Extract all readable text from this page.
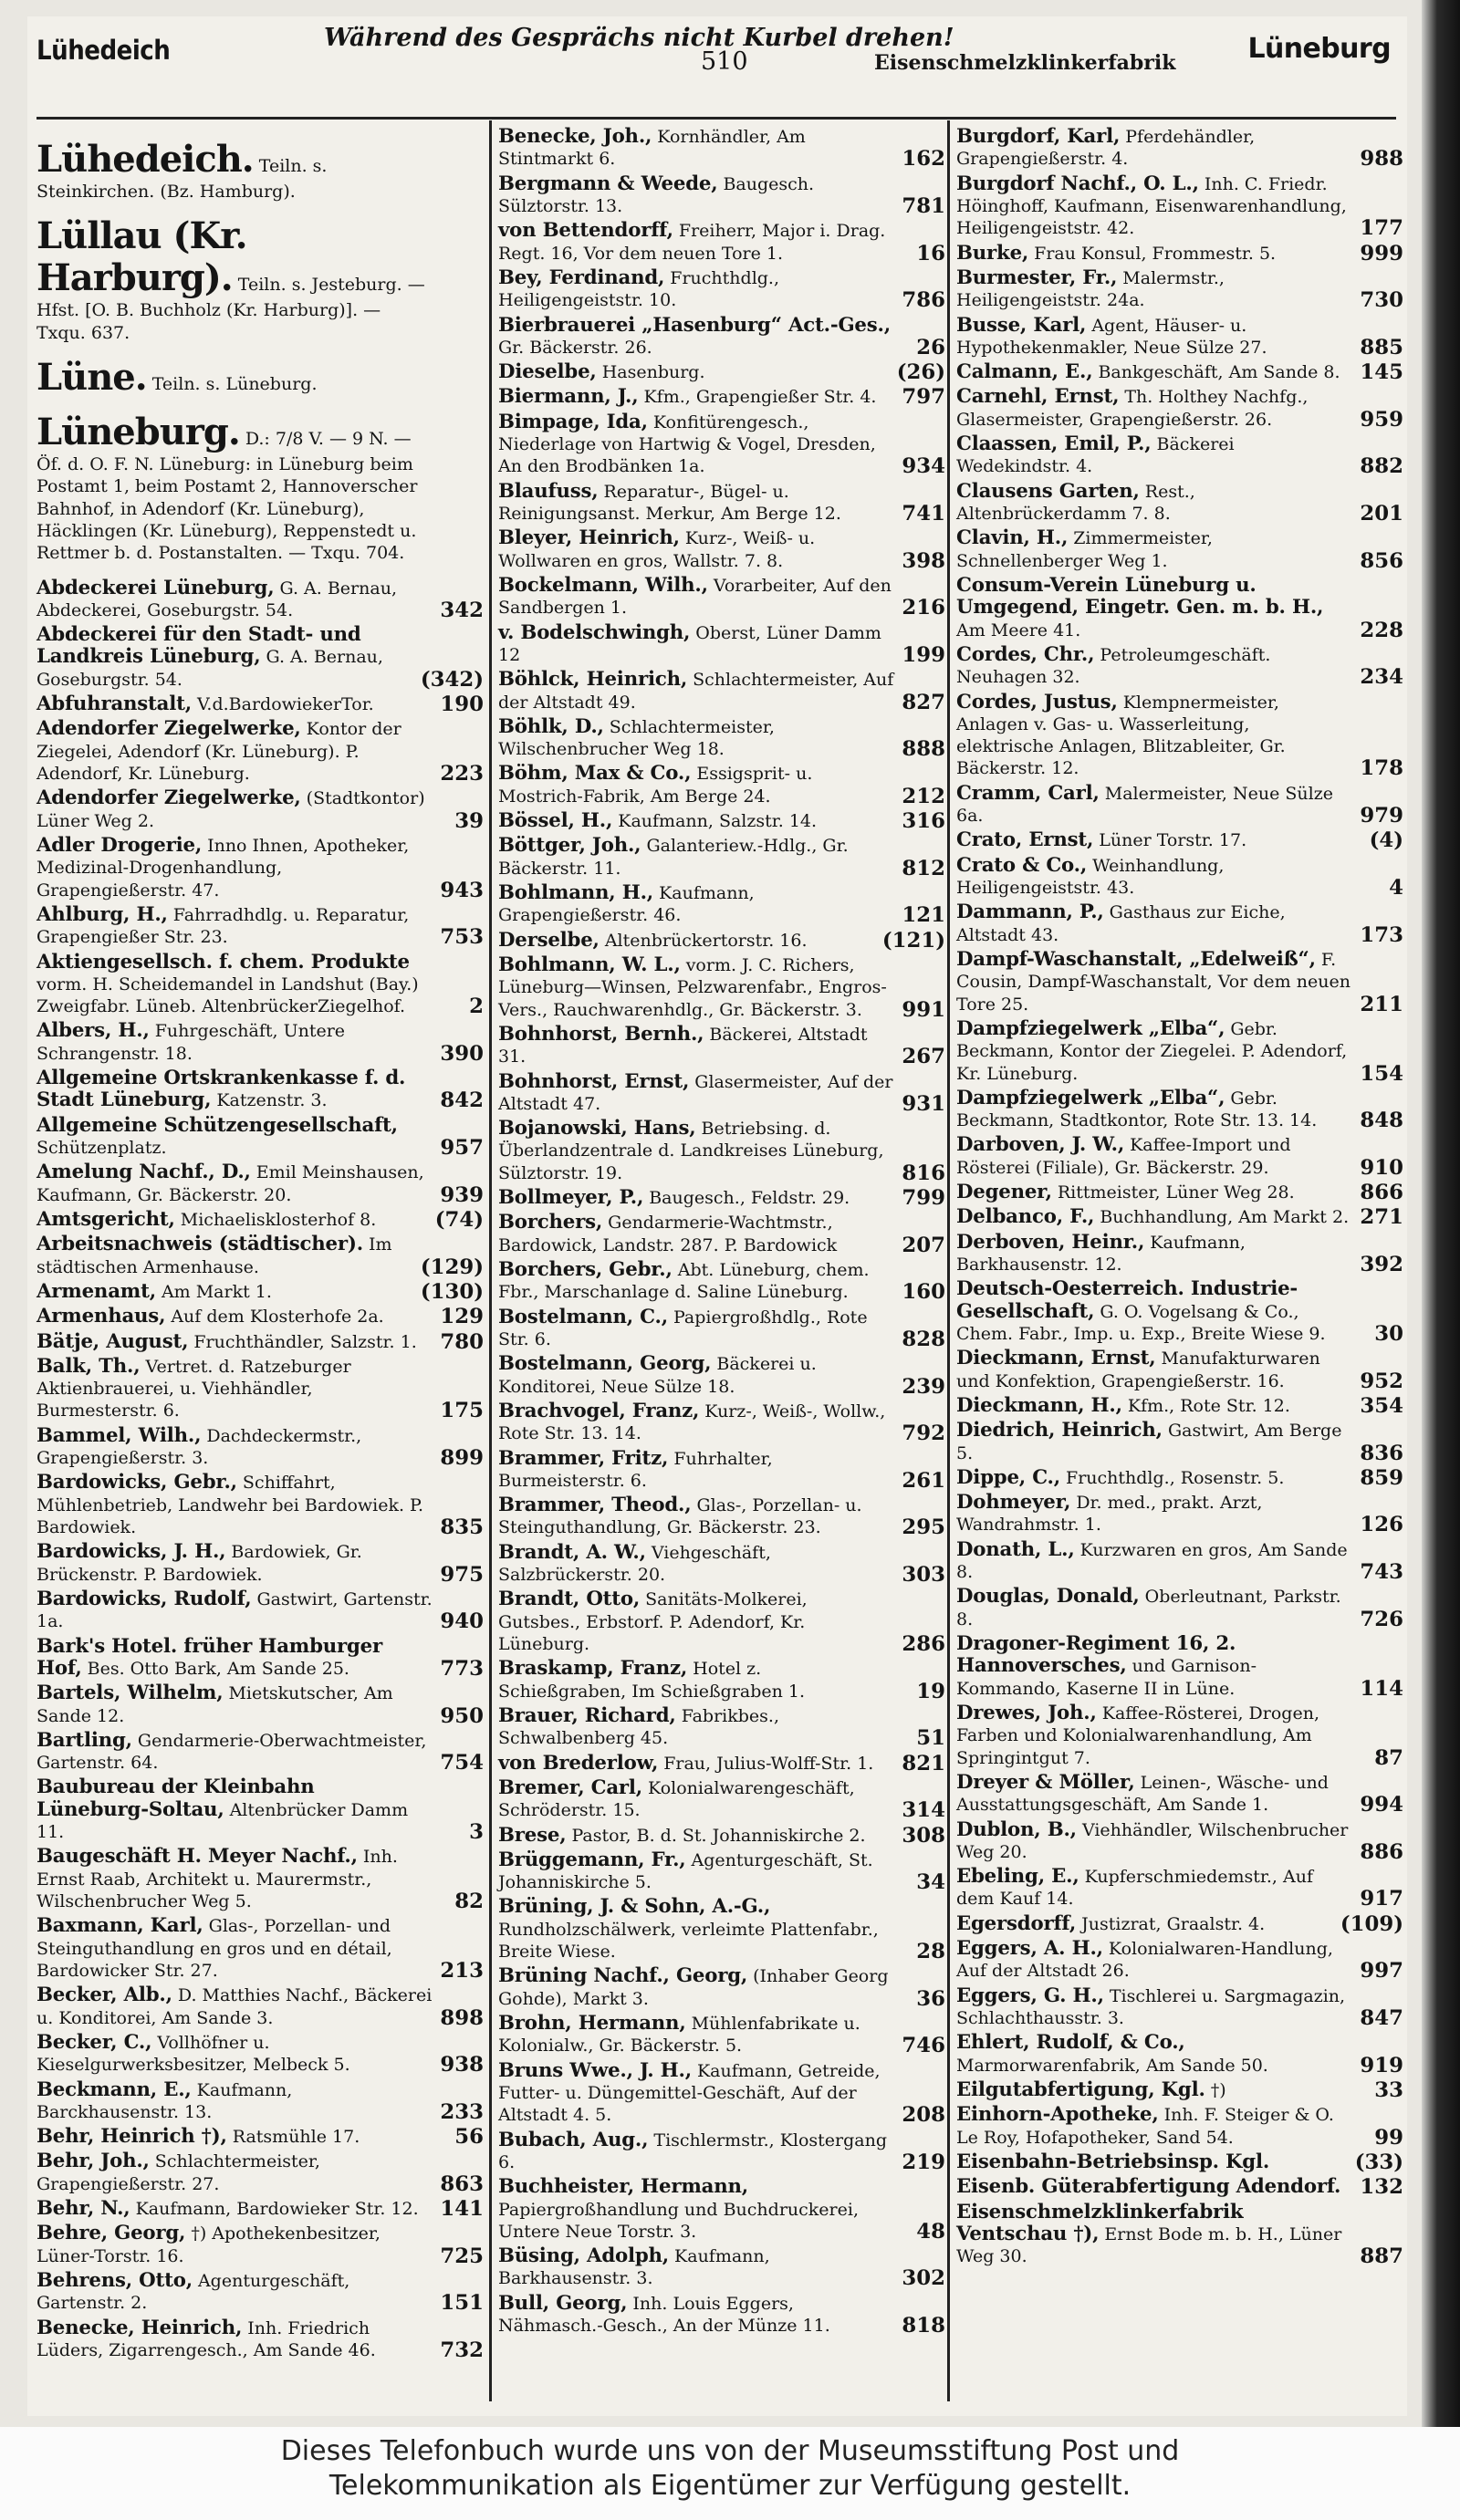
Lühedeich	Während des Gesprächs nicht Kurbel drehen!
510	Eisenschmelzklinkerfabrik	Lüneburg
Lühedeich. Teiln. s. Steinkirchen. (Bz. Hamburg).
Lüllau (Kr. Harburg). Teiln. s. Jesteburg. — Hfst. [O. B. Buchholz (Kr. Harburg)]. — Txqu. 637.
Lüne. Teiln. s. Lüneburg.
Lüneburg. D.: 7/8 V. — 9 N. — Öf. d. O. F. N. Lüneburg: in Lüneburg beim Postamt 1, beim Postamt 2, Hannoverscher Bahnhof, in Adendorf (Kr. Lüneburg), Häcklingen (Kr. Lüneburg), Reppenstedt u. Rettmer b. d. Postanstalten. — Txqu. 704.
Abdeckerei Lüneburg, G. A. Bernau, Abdeckerei, Goseburgstr. 54.	342
Abdeckerei für den Stadt- und Landkreis Lüneburg, G. A. Bernau, Goseburgstr. 54.	(342)
Abfuhranstalt, V.d.BardowiekerTor.	190
Adendorfer Ziegelwerke, Kontor der Ziegelei, Adendorf (Kr. Lüneburg). P. Adendorf, Kr. Lüneburg.	223
Adendorfer Ziegelwerke, (Stadtkontor) Lüner Weg 2.	39
Adler Drogerie, Inno Ihnen, Apotheker, Medizinal-Drogenhandlung, Grapengießerstr. 47.	943
Ahlburg, H., Fahrradhdlg. u. Reparatur, Grapengießer Str. 23.	753
Aktiengesellsch. f. chem. Produkte vorm. H. Scheidemandel in Landshut (Bay.) Zweigfabr. Lüneb. AltenbrückerZiegelhof.	2
Albers, H., Fuhrgeschäft, Untere Schrangenstr. 18.	390
Allgemeine Ortskrankenkasse f. d. Stadt Lüneburg, Katzenstr. 3.	842
Allgemeine Schützengesellschaft, Schützenplatz.	957
Amelung Nachf., D., Emil Meinshausen, Kaufmann, Gr. Bäckerstr. 20.	939
Amtsgericht, Michaelisklosterhof 8.	(74)
Arbeitsnachweis (städtischer). Im städtischen Armenhause.	(129)
Armenamt, Am Markt 1.	(130)
Armenhaus, Auf dem Klosterhofe 2a.	129
Bätje, August, Fruchthändler, Salzstr. 1. 780
Balk, Th., Vertret. d. Ratzeburger Aktienbrauerei, u. Viehhändler, Burmesterstr. 6.	175
Bammel, Wilh., Dachdeckermstr., Grapengießerstr. 3.	899
Bardowicks, Gebr., Schiffahrt, Mühlenbetrieb, Landwehr bei Bardowiek. P. Bardowiek.	835
Bardowicks, J. H., Bardowiek, Gr. Brückenstr. P. Bardowiek.	975
Bardowicks, Rudolf, Gastwirt, Gartenstr. 1a.	940
Bark's Hotel. früher Hamburger Hof, Bes. Otto Bark, Am Sande 25.	773
Bartels, Wilhelm, Mietskutscher, Am Sande 12.	950
Bartling, Gendarmerie-Oberwachtmeister, Gartenstr. 64.	754
Baubureau der Kleinbahn Lüneburg-Soltau, Altenbrücker Damm 11.	3
Baugeschäft H. Meyer Nachf., Inh. Ernst Raab, Architekt u. Maurermstr., Wilschenbrucher Weg 5.	82
Baxmann, Karl, Glas-, Porzellan- und Steinguthandlung en gros und en détail, Bardowicker Str. 27.	213
Becker, Alb., D. Matthies Nachf., Bäckerei u. Konditorei, Am Sande 3.	898
Becker, C., Vollhöfner u. Kieselgurwerksbesitzer, Melbeck 5.	938
Beckmann, E., Kaufmann, Barckhausenstr. 13.	233
Behr, Heinrich †), Ratsmühle 17.	56
Behr, Joh., Schlachtermeister, Grapengießerstr. 27.	863
Behr, N., Kaufmann, Bardowieker Str. 12. 141
Behre, Georg, †) Apothekenbesitzer, Lüner-Torstr. 16.	725
Behrens, Otto, Agenturgeschäft, Gartenstr. 2.	151
Benecke, Heinrich, Inh. Friedrich Lüders, Zigarrengesch., Am Sande 46.	732
Benecke, Joh., Kornhändler, Am Stintmarkt 6.	162
Bergmann & Weede, Baugesch. Sülztorstr. 13.	781
von Bettendorff, Freiherr, Major i. Drag. Regt. 16, Vor dem neuen Tore 1.	16
Bey, Ferdinand, Fruchthdlg., Heiligengeiststr. 10.	786
Bierbrauerei „Hasenburg“ Act.-Ges., Gr. Bäckerstr. 26.	26
Dieselbe, Hasenburg.	(26)
Biermann, J., Kfm., Grapengießer Str. 4. 797
Bimpage, Ida, Konfitürengesch., Niederlage von Hartwig & Vogel, Dresden, An den Brodbänken 1a.	934
Blaufuss, Reparatur-, Bügel- u. Reinigungsanst. Merkur, Am Berge 12.	741
Bleyer, Heinrich, Kurz-, Weiß- u. Wollwaren en gros, Wallstr. 7. 8.	398
Bockelmann, Wilh., Vorarbeiter, Auf den Sandbergen 1.	216
v. Bodelschwingh, Oberst, Lüner Damm 12	199
Böhlck, Heinrich, Schlachtermeister, Auf der Altstadt 49.	827
Böhlk, D., Schlachtermeister, Wilschenbrucher Weg 18.	888
Böhm, Max & Co., Essigsprit- u. Mostrich-Fabrik, Am Berge 24.	212
Bössel, H., Kaufmann, Salzstr. 14.	316
Böttger, Joh., Galanteriew.-Hdlg., Gr. Bäckerstr. 11.	812
Bohlmann, H., Kaufmann, Grapengießerstr. 46.	121
Derselbe, Altenbrückertorstr. 16.	(121)
Bohlmann, W. L., vorm. J. C. Richers, Lüneburg—Winsen, Pelzwarenfabr., Engros-Vers., Rauchwarenhdlg., Gr. Bäckerstr. 3. 991
Bohnhorst, Bernh., Bäckerei, Altstadt 31.	267
Bohnhorst, Ernst, Glasermeister, Auf der Altstadt 47.	931
Bojanowski, Hans, Betriebsing. d. Überlandzentrale d. Landkreises Lüneburg, Sülztorstr. 19.	816
Bollmeyer, P., Baugesch., Feldstr. 29.	799
Borchers, Gendarmerie-Wachtmstr., Bardowick, Landstr. 287. P. Bardowick	207
Borchers, Gebr., Abt. Lüneburg, chem. Fbr., Marschanlage d. Saline Lüneburg.	160
Bostelmann, C., Papiergroßhdlg., Rote Str. 6.	828
Bostelmann, Georg, Bäckerei u. Konditorei, Neue Sülze 18.	239
Brachvogel, Franz, Kurz-, Weiß-, Wollw., Rote Str. 13. 14.	792
Brammer, Fritz, Fuhrhalter, Burmeisterstr. 6.	261
Brammer, Theod., Glas-, Porzellan- u. Steinguthandlung, Gr. Bäckerstr. 23.	295
Brandt, A. W., Viehgeschäft, Salzbrückerstr. 20.	303
Brandt, Otto, Sanitäts-Molkerei, Gutsbes., Erbstorf. P. Adendorf, Kr. Lüneburg.	286
Braskamp, Franz, Hotel z. Schießgraben, Im Schießgraben 1.	19
Brauer, Richard, Fabrikbes., Schwalbenberg 45.	51
von Brederlow, Frau, Julius-Wolff-Str. 1. 821
Bremer, Carl, Kolonialwarengeschäft, Schröderstr. 15.	314
Brese, Pastor, B. d. St. Johanniskirche 2. 308
Brüggemann, Fr., Agenturgeschäft, St. Johanniskirche 5.	34
Brüning, J. & Sohn, A.-G., Rundholzschälwerk, verleimte Plattenfabr., Breite Wiese.	28
Brüning Nachf., Georg, (Inhaber Georg Gohde), Markt 3.	36
Brohn, Hermann, Mühlenfabrikate u. Kolonialw., Gr. Bäckerstr. 5.	746
Bruns Wwe., J. H., Kaufmann, Getreide, Futter- u. Düngemittel-Geschäft, Auf der Altstadt 4. 5.	208
Bubach, Aug., Tischlermstr., Klostergang 6.	219
Buchheister, Hermann, Papiergroßhandlung und Buchdruckerei, Untere Neue Torstr. 3.	48
Büsing, Adolph, Kaufmann, Barkhausenstr. 3.	302
Bull, Georg, Inh. Louis Eggers, Nähmasch.-Gesch., An der Münze 11.	818
Burgdorf, Karl, Pferdehändler, Grapengießerstr. 4.	988
Burgdorf Nachf., O. L., Inh. C. Friedr. Höinghoff, Kaufmann, Eisenwarenhandlung, Heiligengeiststr. 42.	177
Burke, Frau Konsul, Frommestr. 5.	999
Burmester, Fr., Malermstr., Heiligengeiststr. 24a.	730
Busse, Karl, Agent, Häuser- u. Hypothekenmakler, Neue Sülze 27.	885
Calmann, E., Bankgeschäft, Am Sande 8. 145
Carnehl, Ernst, Th. Holthey Nachfg., Glasermeister, Grapengießerstr. 26.	959
Claassen, Emil, P., Bäckerei Wedekindstr. 4.	882
Clausens Garten, Rest., Altenbrückerdamm 7. 8.	201
Clavin, H., Zimmermeister, Schnellenberger Weg 1.	856
Consum-Verein Lüneburg u. Umgegend, Eingetr. Gen. m. b. H., Am Meere 41.	228
Cordes, Chr., Petroleumgeschäft. Neuhagen 32.	234
Cordes, Justus, Klempnermeister, Anlagen v. Gas- u. Wasserleitung, elektrische Anlagen, Blitzableiter, Gr. Bäckerstr. 12.	178
Cramm, Carl, Malermeister, Neue Sülze 6a.	979
Crato, Ernst, Lüner Torstr. 17.	(4)
Crato & Co., Weinhandlung, Heiligengeiststr. 43.	4
Dammann, P., Gasthaus zur Eiche, Altstadt 43.	173
Dampf-Waschanstalt, „Edelweiß“, F. Cousin, Dampf-Waschanstalt, Vor dem neuen Tore 25.	211
Dampfziegelwerk „Elba“, Gebr. Beckmann, Kontor der Ziegelei. P. Adendorf, Kr. Lüneburg.	154
Dampfziegelwerk „Elba“, Gebr. Beckmann, Stadtkontor, Rote Str. 13. 14. 848
Darboven, J. W., Kaffee-Import und Rösterei (Filiale), Gr. Bäckerstr. 29.	910
Degener, Rittmeister, Lüner Weg 28.	866
Delbanco, F., Buchhandlung, Am Markt 2. 271
Derboven, Heinr., Kaufmann, Barkhausenstr. 12.	392
Deutsch-Oesterreich. Industrie-Gesellschaft, G. O. Vogelsang & Co., Chem. Fabr., Imp. u. Exp., Breite Wiese 9. 30
Dieckmann, Ernst, Manufakturwaren und Konfektion, Grapengießerstr. 16.	952
Dieckmann, H., Kfm., Rote Str. 12.	354
Diedrich, Heinrich, Gastwirt, Am Berge 5.	836
Dippe, C., Fruchthdlg., Rosenstr. 5.	859
Dohmeyer, Dr. med., prakt. Arzt, Wandrahmstr. 1.	126
Donath, L., Kurzwaren en gros, Am Sande 8.	743
Douglas, Donald, Oberleutnant, Parkstr. 8.	726
Dragoner-Regiment 16, 2. Hannoversches, und Garnison-Kommando, Kaserne II in Lüne.	114
Drewes, Joh., Kaffee-Rösterei, Drogen, Farben und Kolonialwarenhandlung, Am Springintgut 7.	87
Dreyer & Möller, Leinen-, Wäsche- und Ausstattungsgeschäft, Am Sande 1.	994
Dublon, B., Viehhändler, Wilschenbrucher Weg 20.	886
Ebeling, E., Kupferschmiedemstr., Auf dem Kauf 14.	917
Egersdorff, Justizrat, Graalstr. 4.	(109)
Eggers, A. H., Kolonialwaren-Handlung, Auf der Altstadt 26.	997
Eggers, G. H., Tischlerei u. Sargmagazin, Schlachthausstr. 3.	847
Ehlert, Rudolf, & Co., Marmorwarenfabrik, Am Sande 50.	919
Eilgutabfertigung, Kgl. †)	33
Einhorn-Apotheke, Inh. F. Steiger & O. Le Roy, Hofapotheker, Sand 54.	99
Eisenbahn-Betriebsinsp. Kgl.	(33)
Eisenb. Güterabfertigung Adendorf. 132
Eisenschmelzklinkerfabrik Ventschau †), Ernst Bode m. b. H., Lüner Weg 30.	887
Dieses Telefonbuch wurde uns von der Museumsstiftung Post und
Telekommunikation als Eigentümer zur Verfügung gestellt.
